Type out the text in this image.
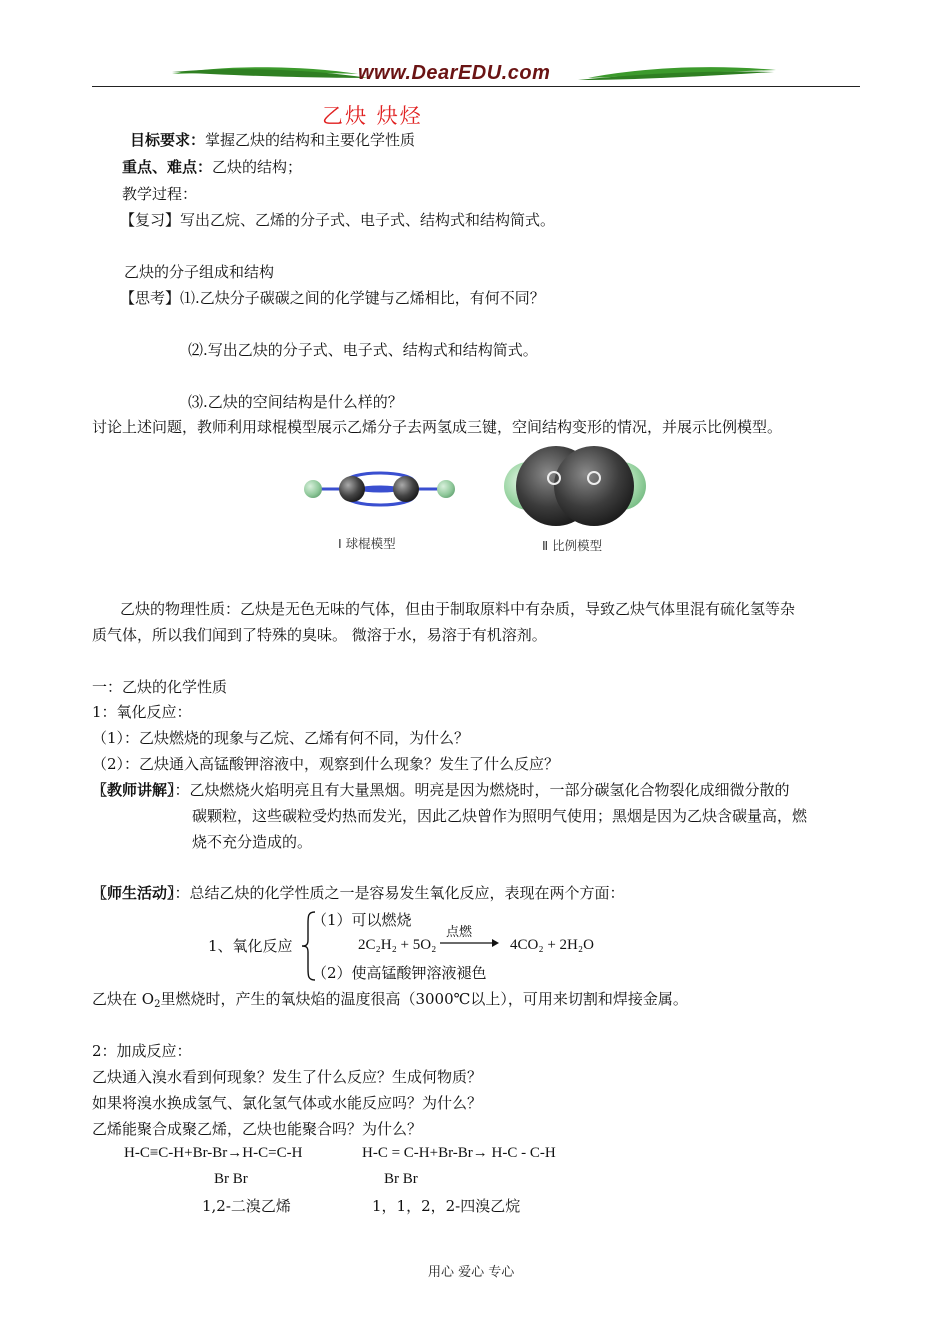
www.DearEDU.com
乙炔 炔烃
目标要求：掌握乙炔的结构和主要化学性质
重点、难点：乙炔的结构；
教学过程：
【复习】写出乙烷、乙烯的分子式、电子式、结构式和结构简式。
乙炔的分子组成和结构
【思考】⑴.乙炔分子碳碳之间的化学键与乙烯相比，有何不同？
⑵.写出乙炔的分子式、电子式、结构式和结构简式。
⑶.乙炔的空间结构是什么样的？
讨论上述问题，教师利用球棍模型展示乙烯分子去两氢成三键，空间结构变形的情况，并展示比例模型。
Ⅰ 球棍模型	Ⅱ 比例模型
乙炔的物理性质：乙炔是无色无味的气体，但由于制取原料中有杂质，导致乙炔气体里混有硫化氢等杂
质气体，所以我们闻到了特殊的臭味。 微溶于水，易溶于有机溶剂。
一：乙炔的化学性质
1：氧化反应：
（1）：乙炔燃烧的现象与乙烷、乙烯有何不同，为什么？
（2）：乙炔通入高锰酸钾溶液中，观察到什么现象？发生了什么反应？
〖教师讲解〗：乙炔燃烧火焰明亮且有大量黑烟。明亮是因为燃烧时，一部分碳氢化合物裂化成细微分散的
碳颗粒，这些碳粒受灼热而发光，因此乙炔曾作为照明气使用；黑烟是因为乙炔含碳量高，燃
烧不充分造成的。
〖师生活动〗：总结乙炔的化学性质之一是容易发生氧化反应，表现在两个方面：
1、氧化反应
（1）可以燃烧
2C₂H₂ + 5O₂
点燃
→ 4CO₂ + 2H₂O
（2）使高锰酸钾溶液褪色
乙炔在 $O_2$里燃烧时，产生的氧炔焰的温度很高（3000℃以上），可用来切割和焊接金属。
2：加成反应：
乙炔通入溴水看到何现象？发生了什么反应？生成何物质？
如果将溴水换成氢气、氯化氢气体或水能反应吗？为什么？
乙烯能聚合成聚乙烯，乙炔也能聚合吗？为什么？
H-C≡C-H+Br-Br→H-C=C-H	H-C = C-H+Br-Br→ H-C - C-H
Br Br	Br Br
1,2-二溴乙烯	1，1，2，2-四溴乙烷
用心 爱心 专心
